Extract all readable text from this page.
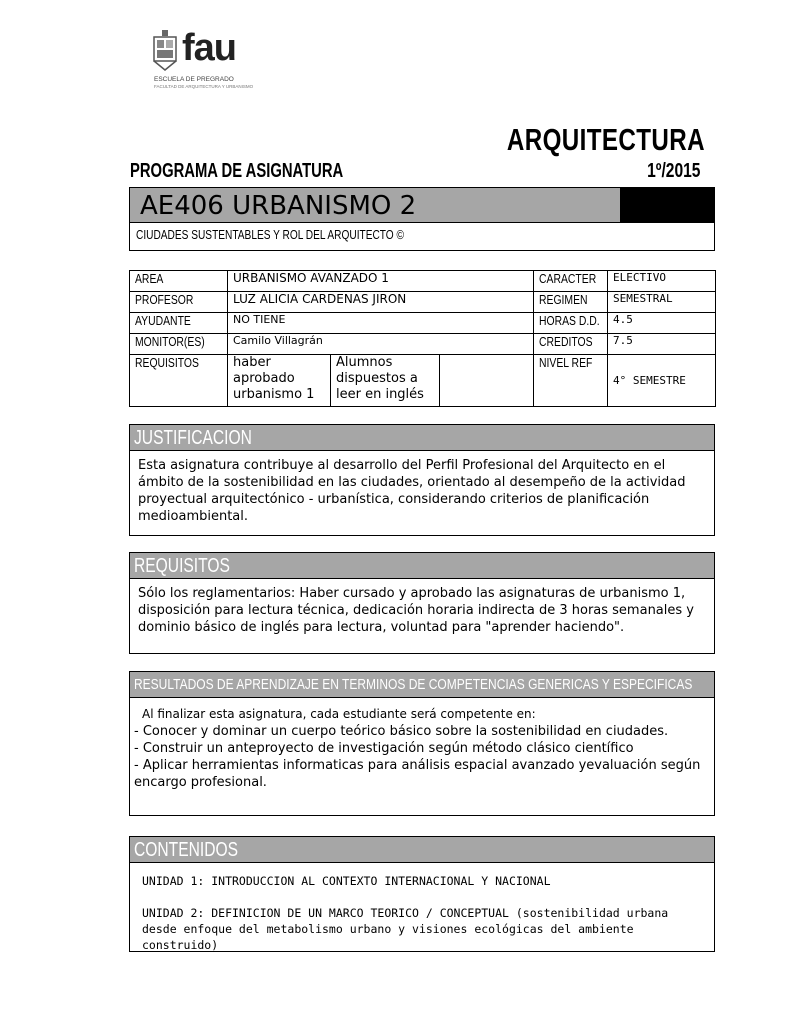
fau
ESCUELA DE PREGRADO
FACULTAD DE ARQUITECTURA Y URBANISMO
ARQUITECTURA
PROGRAMA DE ASIGNATURA	1º/2015
AE406 URBANISMO 2
CIUDADES SUSTENTABLES Y ROL DEL ARQUITECTO ©
AREA	URBANISMO AVANZADO 1			CARACTER	ELECTIVO
PROFESOR	LUZ ALICIA CARDENAS JIRON			REGIMEN	SEMESTRAL
AYUDANTE	NO TIENE			HORAS D.D.	4.5
MONITOR(ES)	Camilo Villagrán			CREDITOS	7.5
REQUISITOS	haber aprobado urbanismo 1	Alumnos dispuestos a leer en inglés		NIVEL REF	4° SEMESTRE
JUSTIFICACION

Esta asignatura contribuye al desarrollo del Perfil Profesional del Arquitecto en el ámbito de la sostenibilidad en las ciudades, orientado al desempeño de la actividad proyectual arquitectónico - urbanística, considerando criterios de planificación medioambiental.

REQUISITOS

Sólo los reglamentarios: Haber cursado y aprobado las asignaturas de urbanismo 1, disposición para lectura técnica, dedicación horaria indirecta de 3 horas semanales y dominio básico de inglés para lectura, voluntad para "aprender haciendo".

RESULTADOS DE APRENDIZAJE EN TERMINOS DE COMPETENCIAS GENERICAS Y ESPECIFICAS

Al finalizar esta asignatura, cada estudiante será competente en:

- Conocer y dominar un cuerpo teórico básico sobre la sostenibilidad en ciudades.

- Construir un anteproyecto de investigación según método clásico científico

- Aplicar herramientas informaticas para análisis espacial avanzado yevaluación según encargo profesional.

CONTENIDOS

UNIDAD 1: INTRODUCCION AL CONTEXTO INTERNACIONAL Y NACIONAL

UNIDAD 2: DEFINICION DE UN MARCO TEORICO / CONCEPTUAL (sostenibilidad urbana desde enfoque del metabolismo urbano y visiones ecológicas del ambiente construido)
